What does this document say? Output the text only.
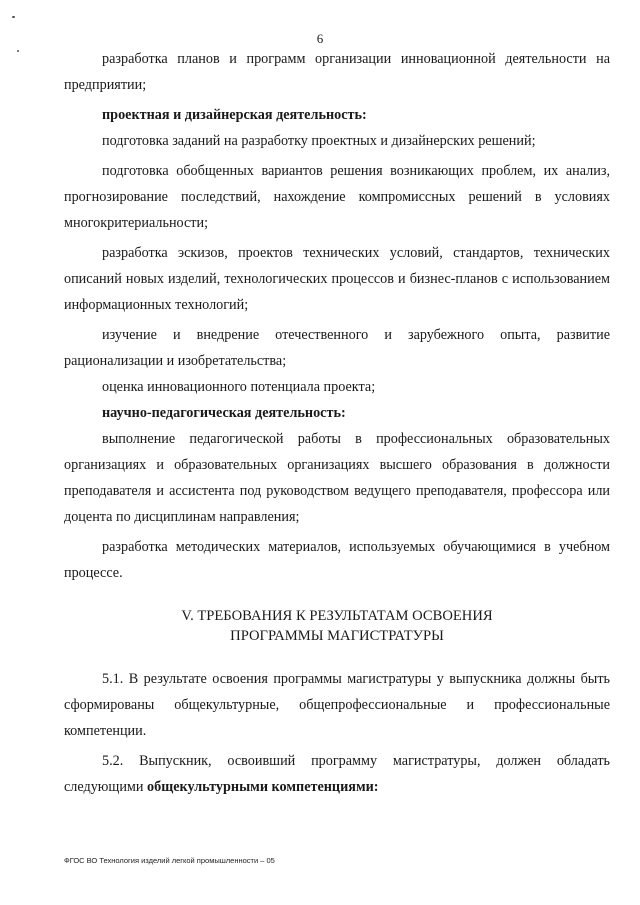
6

разработка планов и программ организации инновационной деятельности на предприятии;

проектная и дизайнерская деятельность:

подготовка заданий на разработку проектных и дизайнерских решений;

подготовка обобщенных вариантов решения возникающих проблем, их анализ, прогнозирование последствий, нахождение компромиссных решений в условиях многокритериальности;

разработка эскизов, проектов технических условий, стандартов, технических описаний новых изделий, технологических процессов и бизнес-планов с использованием информационных технологий;

изучение и внедрение отечественного и зарубежного опыта, развитие рационализации и изобретательства;

оценка инновационного потенциала проекта;

научно-педагогическая деятельность:

выполнение педагогической работы в профессиональных образовательных организациях и образовательных организациях высшего образования в должности преподавателя и ассистента под руководством ведущего преподавателя, профессора или доцента по дисциплинам направления;

разработка методических материалов, используемых обучающимися в учебном процессе.

V. ТРЕБОВАНИЯ К РЕЗУЛЬТАТАМ ОСВОЕНИЯ
ПРОГРАММЫ МАГИСТРАТУРЫ

5.1. В результате освоения программы магистратуры у выпускника должны быть сформированы общекультурные, общепрофессиональные и профессиональные компетенции.

5.2. Выпускник, освоивший программу магистратуры, должен обладать следующими общекультурными компетенциями:

ФГОС ВО Технология изделий легкой промышленности – 05
